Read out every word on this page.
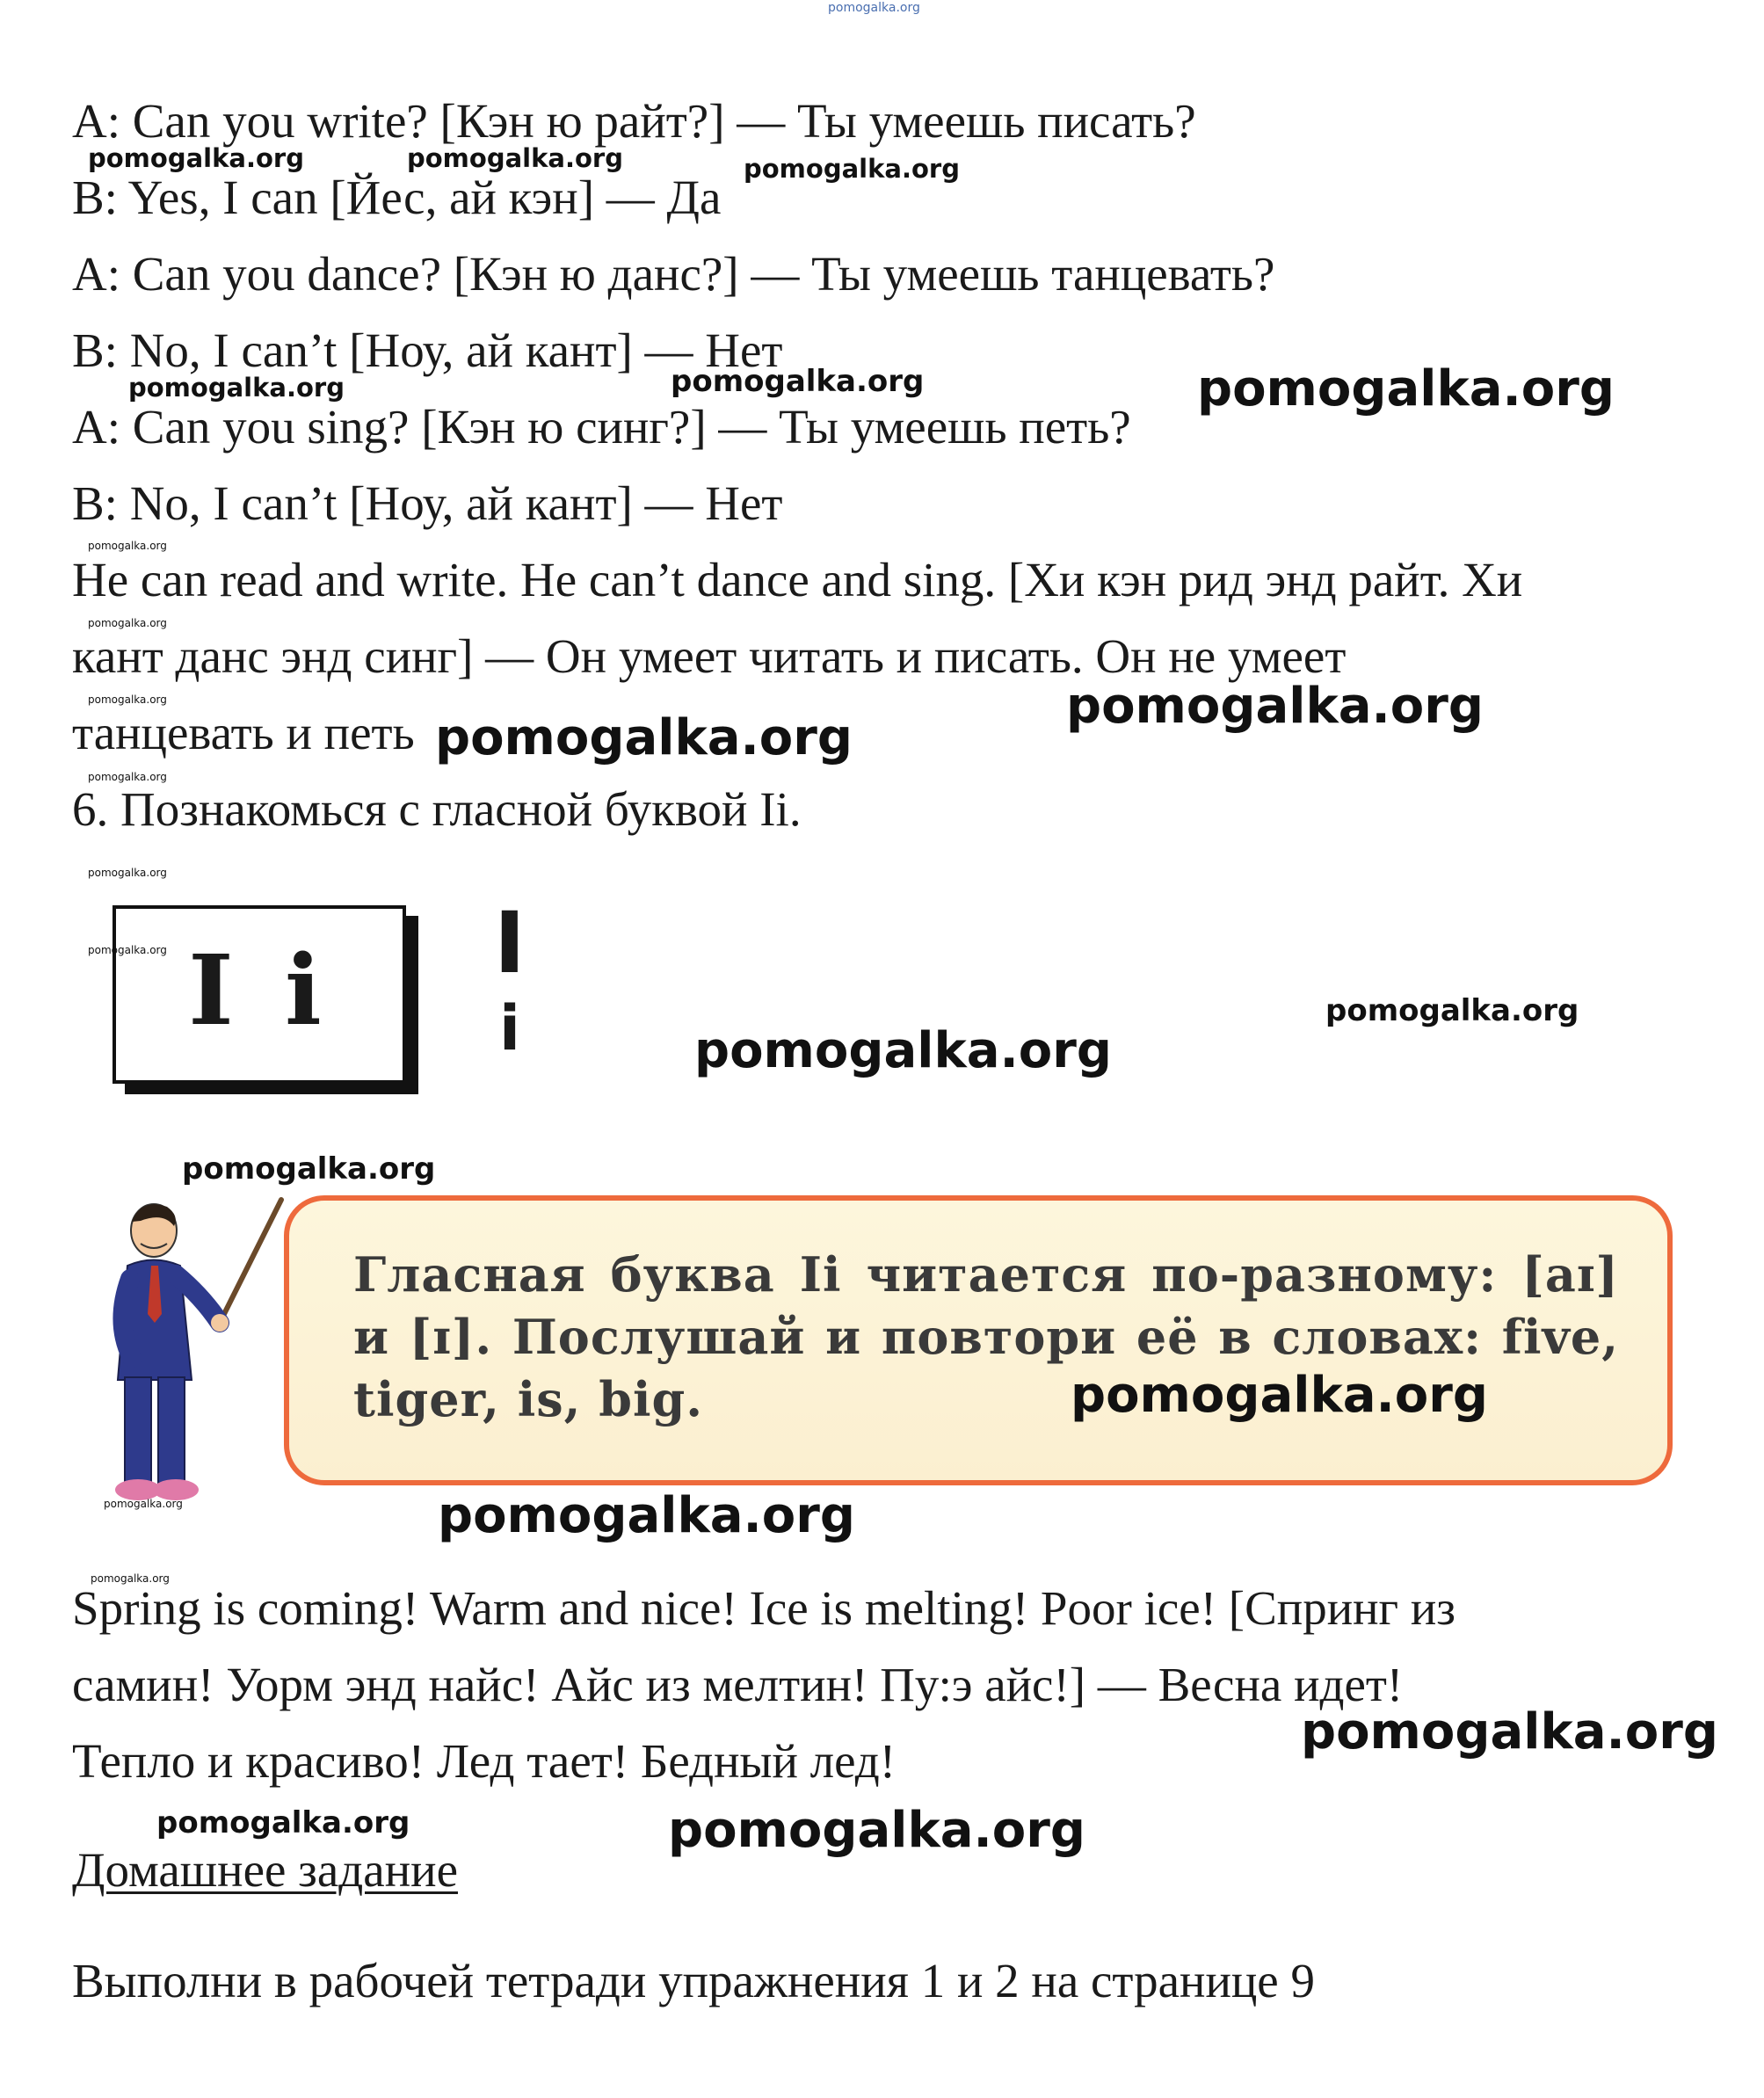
pomogalka.org
A: Can you write? [Кэн ю райт?] — Ты умеешь писать?
B: Yes, I can [Йес, ай кэн] — Да
A: Can you dance? [Кэн ю данс?] — Ты умеешь танцевать?
B: No, I can’t [Ноу, ай кант] — Нет
A: Can you sing? [Кэн ю синг?] — Ты умеешь петь?
B: No, I can’t [Ноу, ай кант] — Нет
He can read and write. He can’t dance and sing. [Хи кэн рид энд райт. Хи
кант данс энд синг] — Он умеет читать и писать. Он не умеет
танцевать и петь
6. Познакомься с гласной буквой Ii.
I i	I
i
Гласная буква Ii читается по-разному: [aɪ] и [ɪ]. Послушай и повтори её в словах: five, tiger, is, big.
Spring is coming! Warm and nice! Ice is melting! Poor ice! [Спринг из
самин! Уорм энд найс! Айс из мелтин! Пу:э айс!] — Весна идет!
Тепло и красиво! Лед тает! Бедный лед!
Домашнее задание
Выполни в рабочей тетради упражнения 1 и 2 на странице 9
pomogalka.org	pomogalka.org	pomogalka.org
pomogalka.org	pomogalka.org	pomogalka.org
pomogalka.org
pomogalka.org
pomogalka.org	pomogalka.org
pomogalka.org
pomogalka.org
pomogalka.org
pomogalka.org
pomogalka.org
pomogalka.org
pomogalka.org
pomogalka.org
pomogalka.org	pomogalka.org
pomogalka.org
pomogalka.org
pomogalka.org	pomogalka.org
